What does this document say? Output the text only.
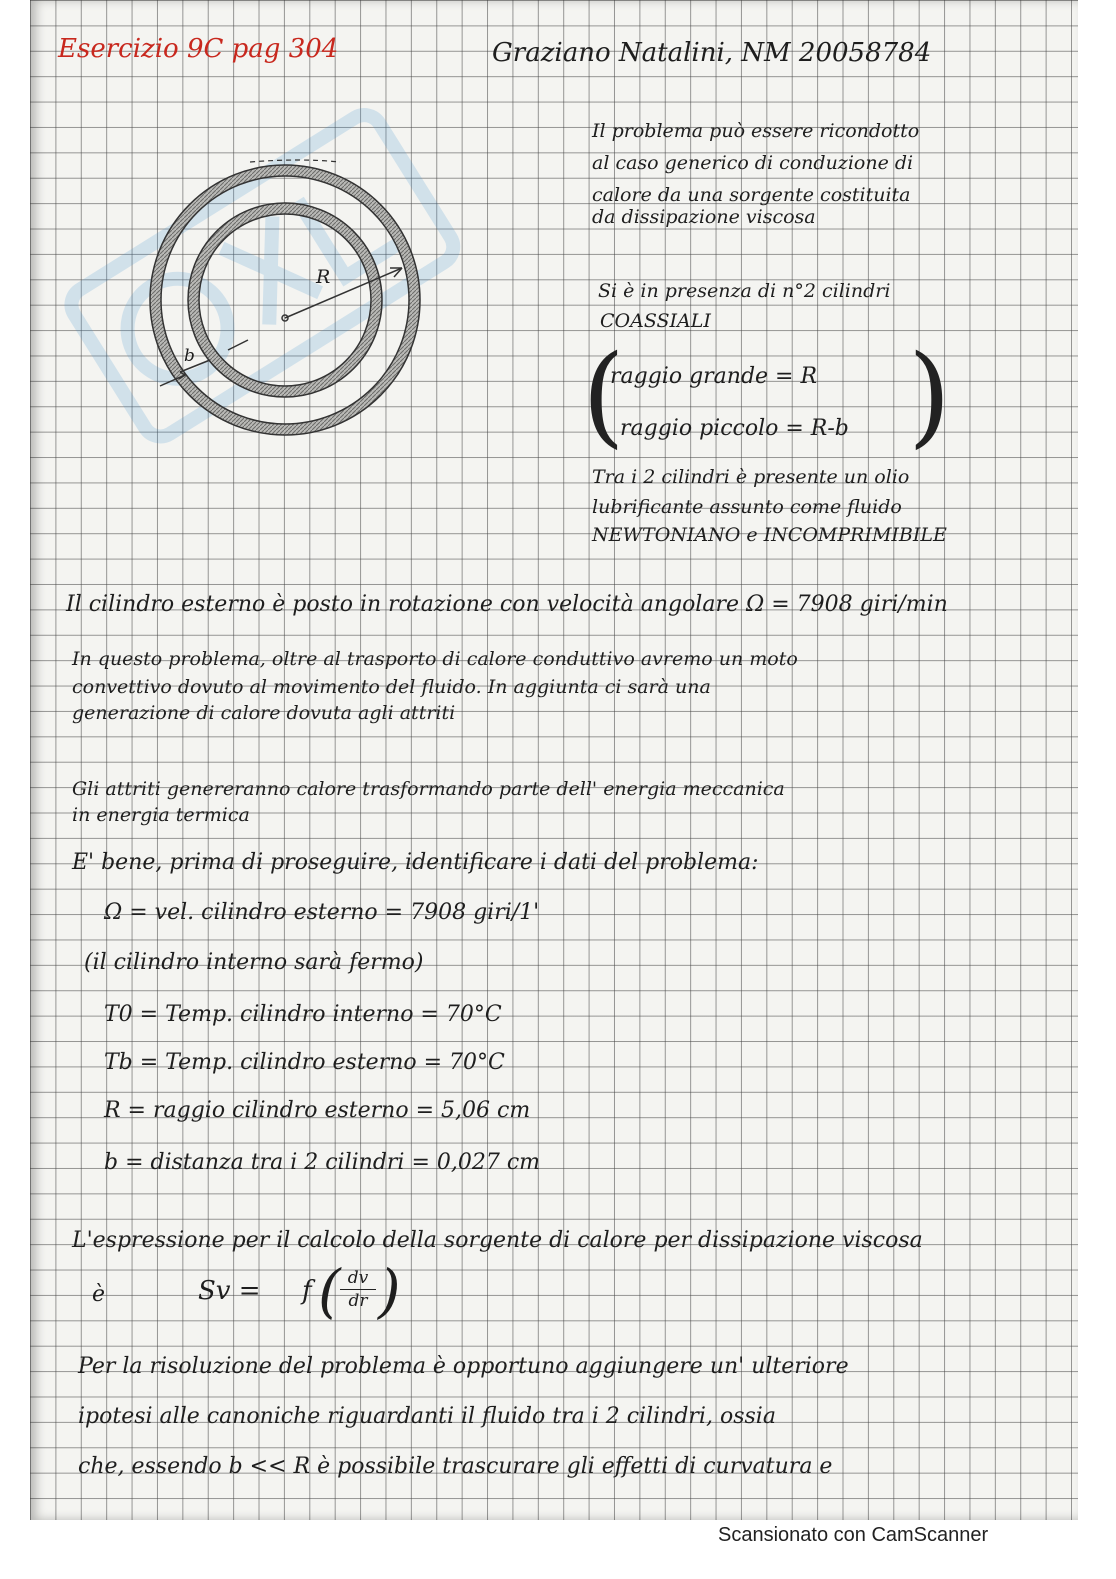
Esercizio 9C pag 304	Graziano Natalini, NM 20058784
R
b
Il problema può essere ricondotto
al caso generico di conduzione di
calore da una sorgente costituita
da dissipazione viscosa
Si è in presenza di n°2 cilindri
COASSIALI
(
raggio grande = R
raggio piccolo = R-b )
Tra i 2 cilindri è presente un olio
lubrificante assunto come fluido
NEWTONIANO e INCOMPRIMIBILE
Il cilindro esterno è posto in rotazione con velocità angolare Ω = 7908 giri/min
In questo problema, oltre al trasporto di calore conduttivo avremo un moto
convettivo dovuto al movimento del fluido. In aggiunta ci sarà una
generazione di calore dovuta agli attriti
Gli attriti genereranno calore trasformando parte dell' energia meccanica
in energia termica
E' bene, prima di proseguire, identificare i dati del problema:
Ω = vel. cilindro esterno = 7908 giri/1'
(il cilindro interno sarà fermo)
T0 = Temp. cilindro interno = 70°C
Tb = Temp. cilindro esterno = 70°C
R = raggio cilindro esterno = 5,06 cm
b = distanza tra i 2 cilindri = 0,027 cm
L'espressione per il calcolo della sorgente di calore per dissipazione viscosa
è	Sv = f ( dv
dr )
Per la risoluzione del problema è opportuno aggiungere un' ulteriore
ipotesi alle canoniche riguardanti il fluido tra i 2 cilindri, ossia
che, essendo b << R è possibile trascurare gli effetti di curvatura e
Scansionato con CamScanner
